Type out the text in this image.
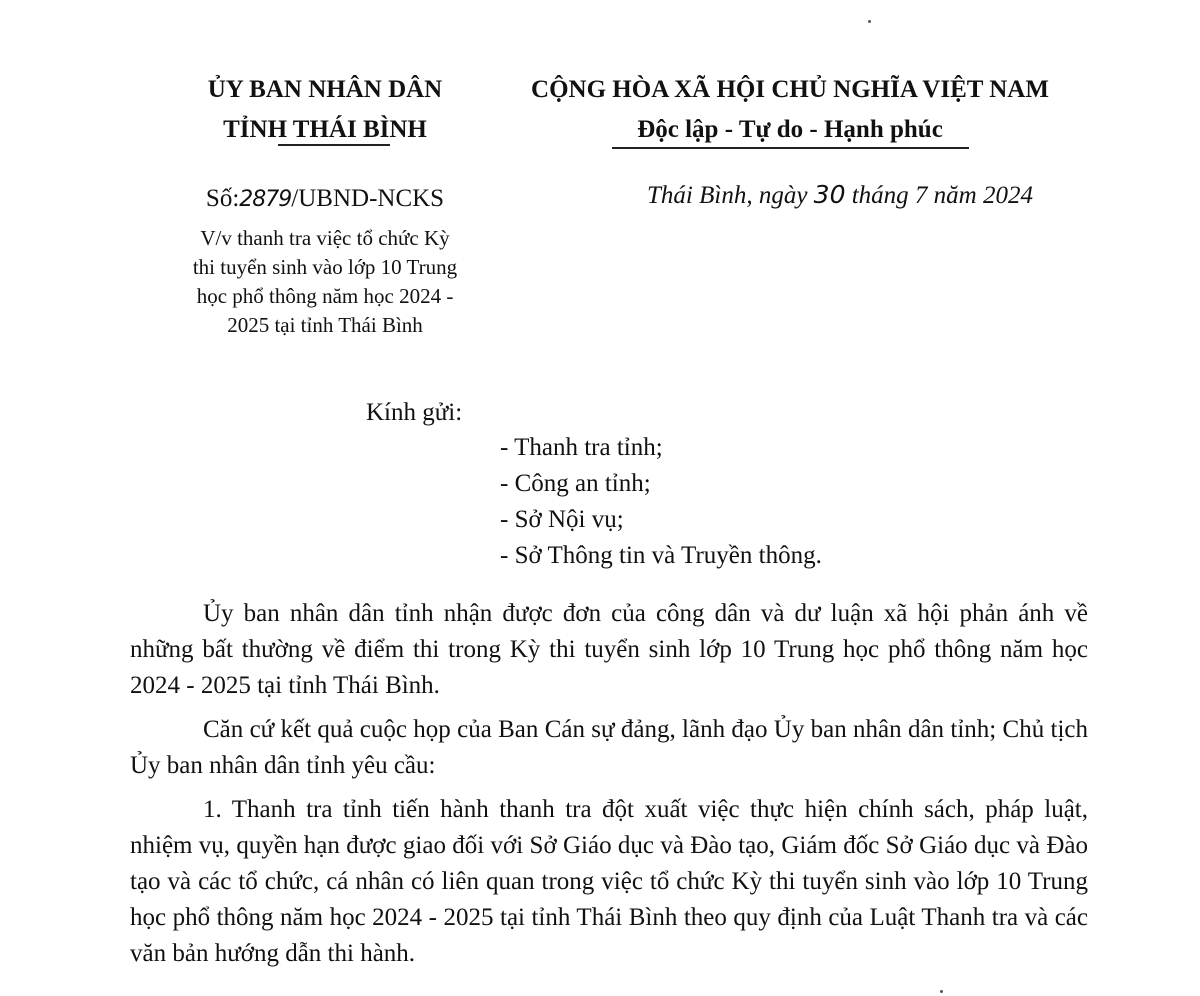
ỦY BAN NHÂN DÂN
TỈNH THÁI BÌNH
CỘNG HÒA XÃ HỘI CHỦ NGHĨA VIỆT NAM
Độc lập - Tự do - Hạnh phúc
Số:2879/UBND-NCKS
V/v thanh tra việc tổ chức Kỳ
thi tuyển sinh vào lớp 10 Trung
học phổ thông năm học 2024 -
2025 tại tỉnh Thái Bình
Thái Bình, ngày 30 tháng 7 năm 2024
Kính gửi:
- Thanh tra tỉnh;
- Công an tỉnh;
- Sở Nội vụ;
- Sở Thông tin và Truyền thông.
Ủy ban nhân dân tỉnh nhận được đơn của công dân và dư luận xã hội phản ánh về những bất thường về điểm thi trong Kỳ thi tuyển sinh lớp 10 Trung học phổ thông năm học 2024 - 2025 tại tỉnh Thái Bình.
Căn cứ kết quả cuộc họp của Ban Cán sự đảng, lãnh đạo Ủy ban nhân dân tỉnh; Chủ tịch Ủy ban nhân dân tỉnh yêu cầu:
1. Thanh tra tỉnh tiến hành thanh tra đột xuất việc thực hiện chính sách, pháp luật, nhiệm vụ, quyền hạn được giao đối với Sở Giáo dục và Đào tạo, Giám đốc Sở Giáo dục và Đào tạo và các tổ chức, cá nhân có liên quan trong việc tổ chức Kỳ thi tuyển sinh vào lớp 10 Trung học phổ thông năm học 2024 - 2025 tại tỉnh Thái Bình theo quy định của Luật Thanh tra và các văn bản hướng dẫn thi hành.
